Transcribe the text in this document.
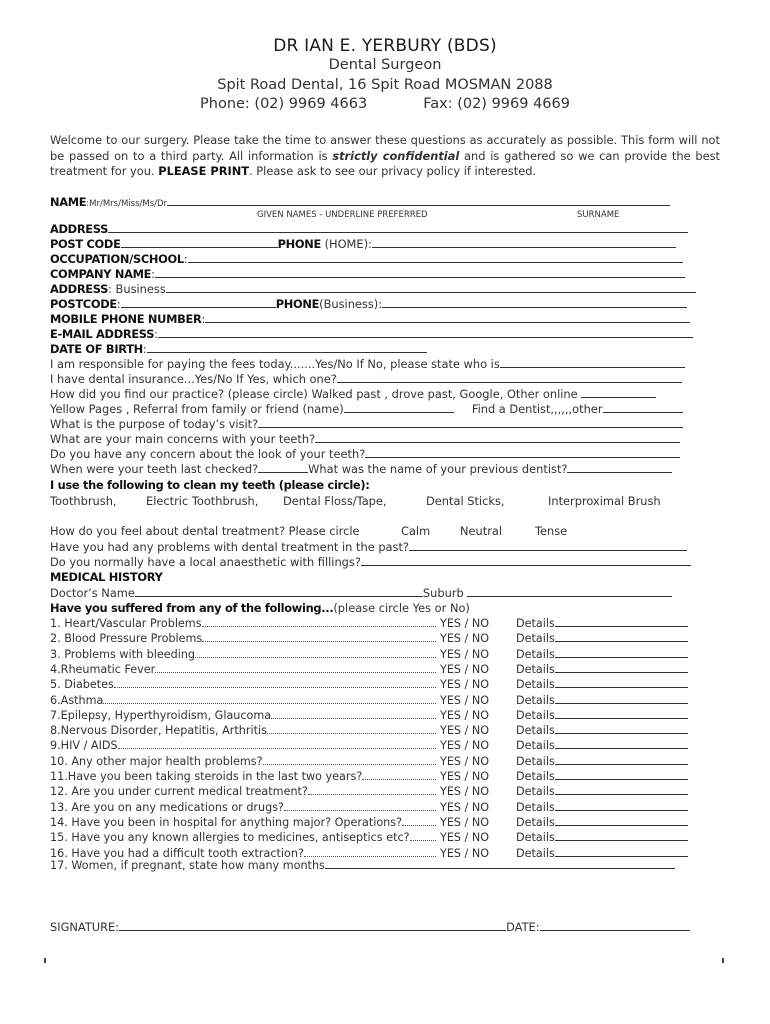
DR IAN E. YERBURY (BDS)
Dental Surgeon
Spit Road Dental, 16 Spit Road MOSMAN 2088
Phone: (02) 9969 4663	Fax: (02) 9969 4669
Welcome to our surgery. Please take the time to answer these questions as accurately as possible. This form will not be passed on to a third party. All information is strictly confidential and is gathered so we can provide the best treatment for you. PLEASE PRINT. Please ask to see our privacy policy if interested.
NAME:Mr/Mrs/Miss/Ms/Dr
GIVEN NAMES - UNDERLINE PREFERRED	SURNAME
ADDRESS
POST CODE	PHONE (HOME):
OCCUPATION/SCHOOL:
COMPANY NAME:
ADDRESS: Business
POSTCODE:	PHONE(Business):
MOBILE PHONE NUMBER:
E-MAIL ADDRESS:
DATE OF BIRTH:
I am responsible for paying the fees today.......Yes/No If No, please state who is
I have dental insurance...Yes/No If Yes, which one?
How did you find our practice? (please circle) Walked past , drove past, Google, Other online
Yellow Pages , Referral from family or friend (name)	Find a Dentist,,,,,,other
What is the purpose of today’s visit?
What are your main concerns with your teeth?
Do you have any concern about the look of your teeth?
When were your teeth last checked?	What was the name of your previous dentist?
I use the following to clean my teeth (please circle):
Toothbrush,	Electric Toothbrush, Dental Floss/Tape,	Dental Sticks,	Interproximal Brush
How do you feel about dental treatment? Please circle	Calm	Neutral	Tense
Have you had any problems with dental treatment in the past?
Do you normally have a local anaesthetic with fillings?
MEDICAL HISTORY
Doctor’s Name	Suburb
Have you suffered from any of the following...(please circle Yes or No)
1. Heart/Vascular Problems	YES / NO Details
2. Blood Pressure Problems	YES / NO Details
3. Problems with bleeding	YES / NO Details
4.Rheumatic Fever	YES / NO Details
5. Diabetes	YES / NO Details
6.Asthma	YES / NO Details
7.Epilepsy, Hyperthyroidism, Glaucoma	YES / NO Details
8.Nervous Disorder, Hepatitis, Arthritis	YES / NO Details
9.HIV / AIDS	YES / NO Details
10. Any other major health problems?	YES / NO Details
11.Have you been taking steroids in the last two years?	YES / NO Details
12. Are you under current medical treatment?	YES / NO Details
13. Are you on any medications or drugs?	YES / NO Details
14. Have you been in hospital for anything major? Operations?	YES / NO Details
15. Have you any known allergies to medicines, antiseptics etc?	YES / NO Details
16. Have you had a difficult tooth extraction?	YES / NO Details
17. Women, if pregnant, state how many months
SIGNATURE:	DATE:
